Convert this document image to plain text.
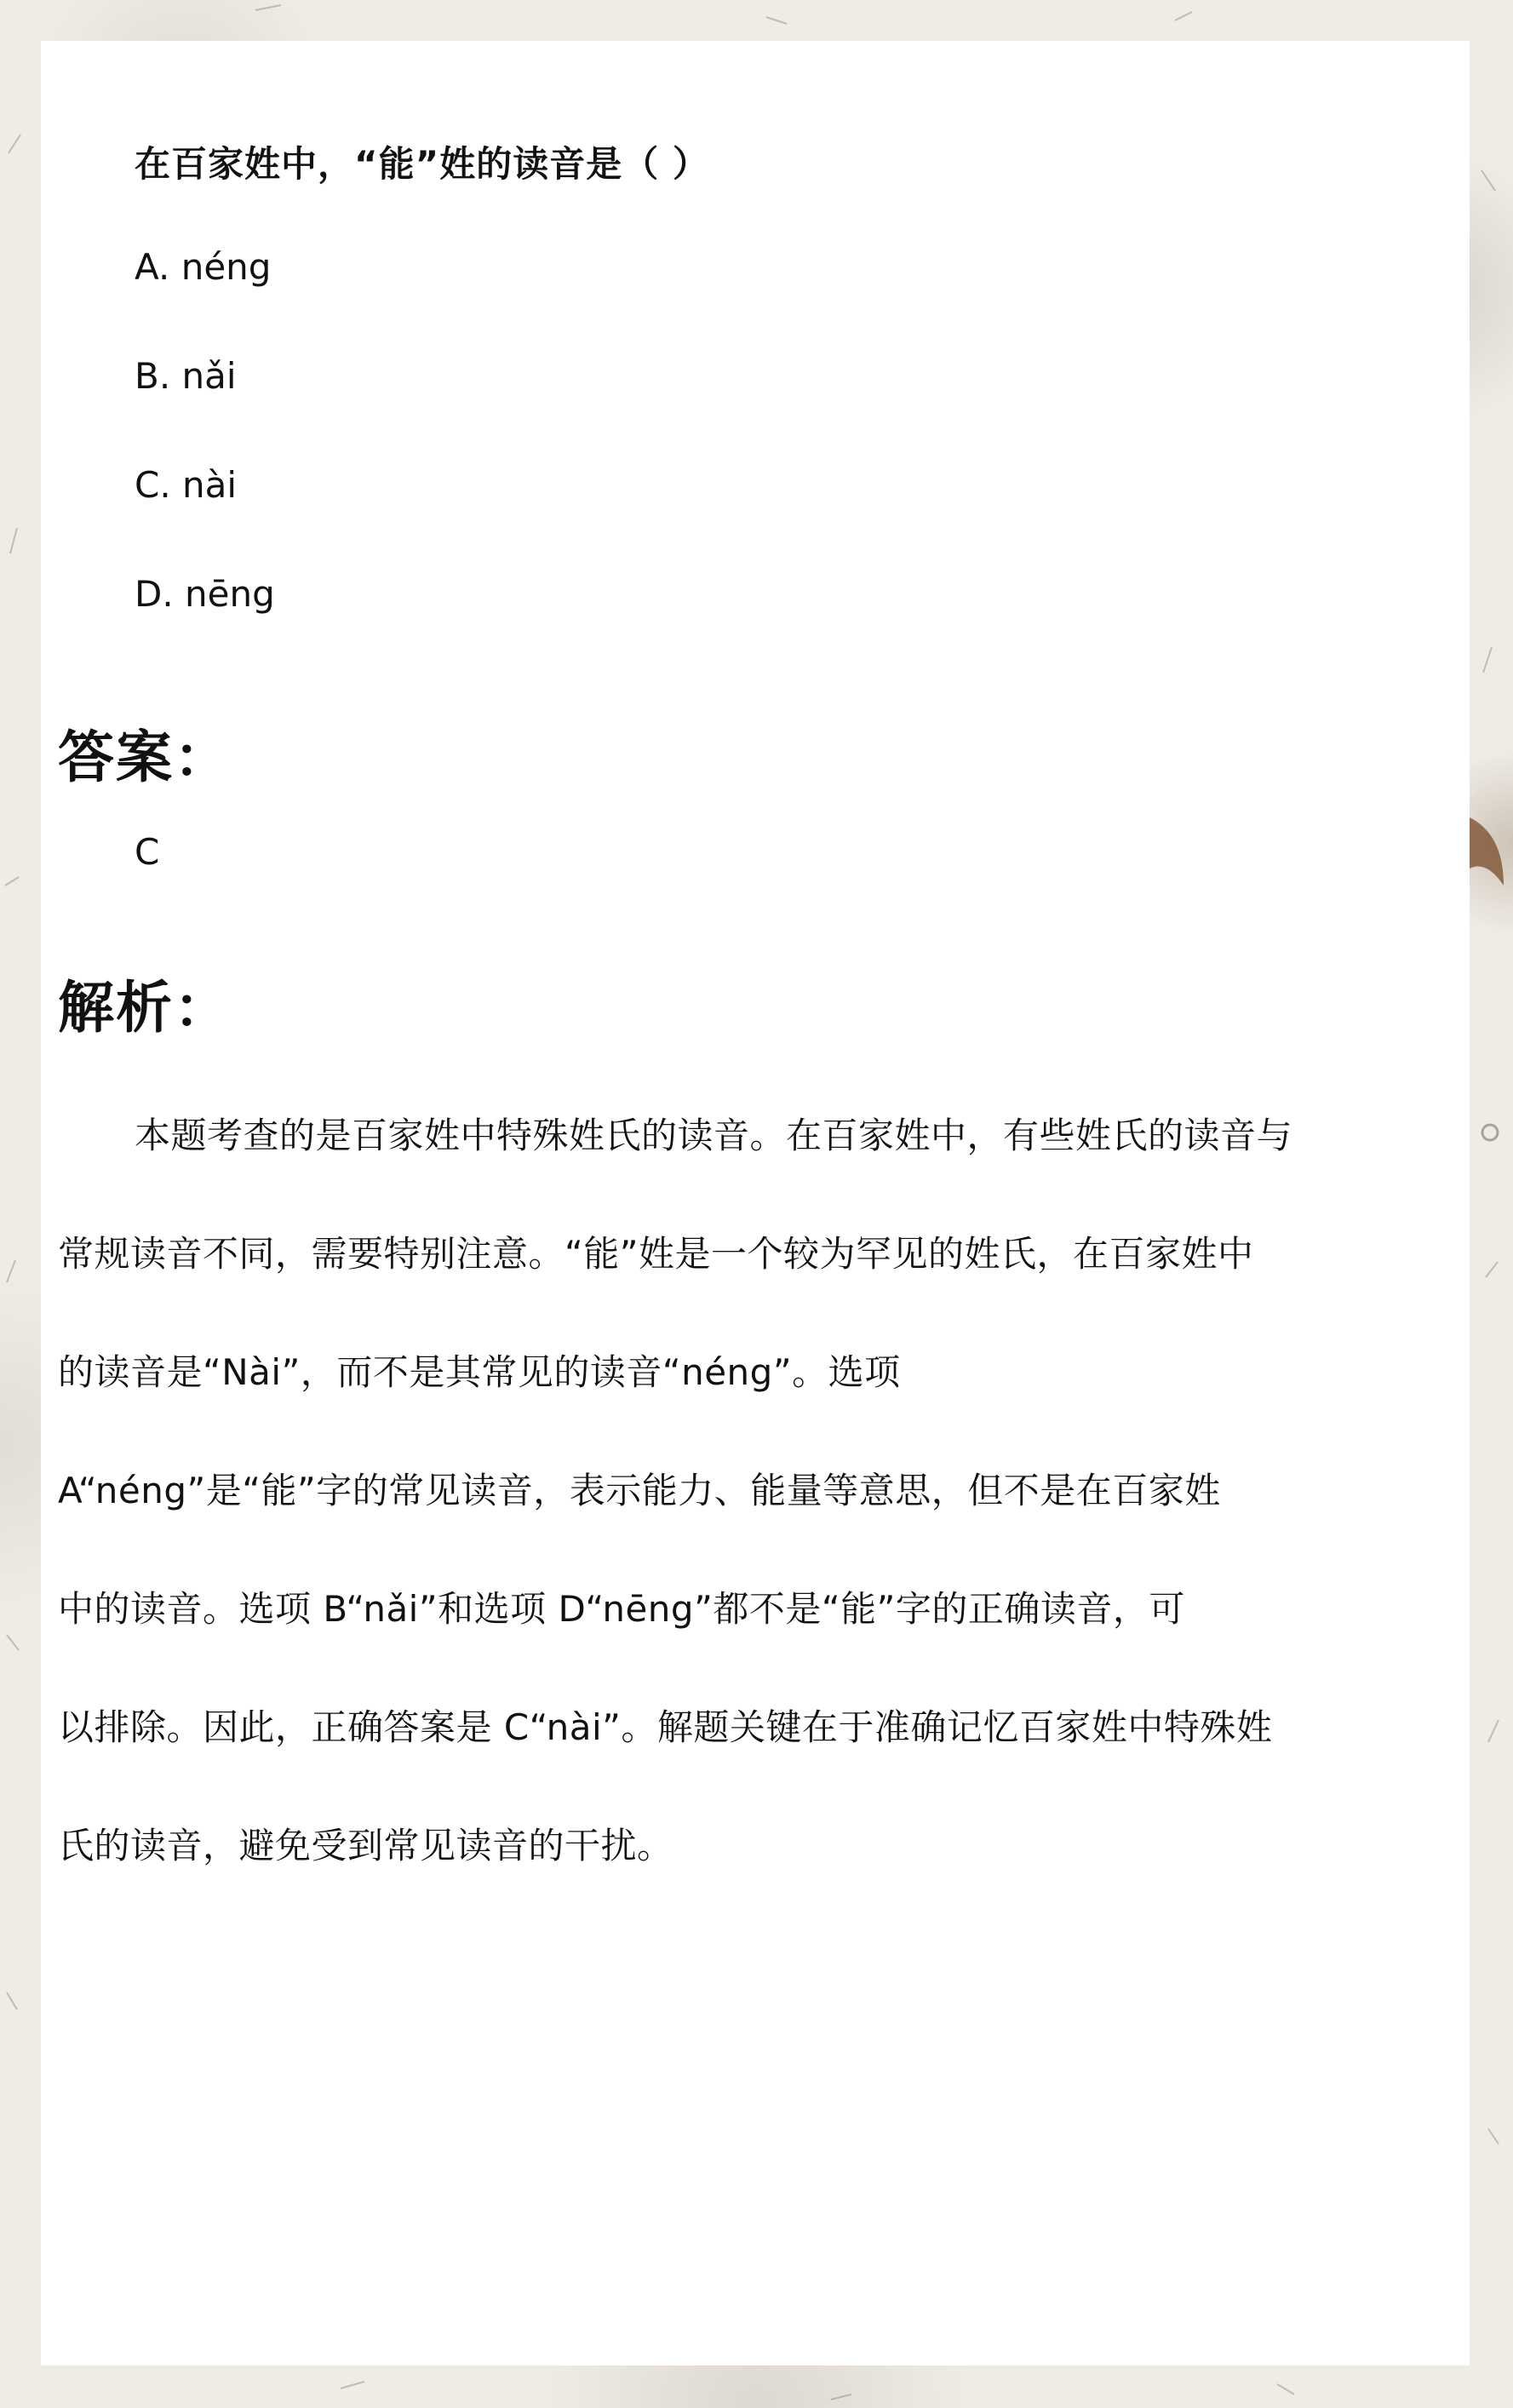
在百家姓中，“能”姓的读音是（ ）
A. néng
B. nǎi
C. nài
D. nēng
答案：

C

解析：
本题考查的是百家姓中特殊姓氏的读音。在百家姓中，有些姓氏的读音与
常规读音不同，需要特别注意。“能”姓是一个较为罕见的姓氏，在百家姓中
的读音是“Nài”，而不是其常见的读音“néng”。选项
A“néng”是“能”字的常见读音，表示能力、能量等意思，但不是在百家姓
中的读音。选项 B“nǎi”和选项 D“nēng”都不是“能”字的正确读音，可
以排除。因此，正确答案是 C“nài”。解题关键在于准确记忆百家姓中特殊姓
氏的读音，避免受到常见读音的干扰。
